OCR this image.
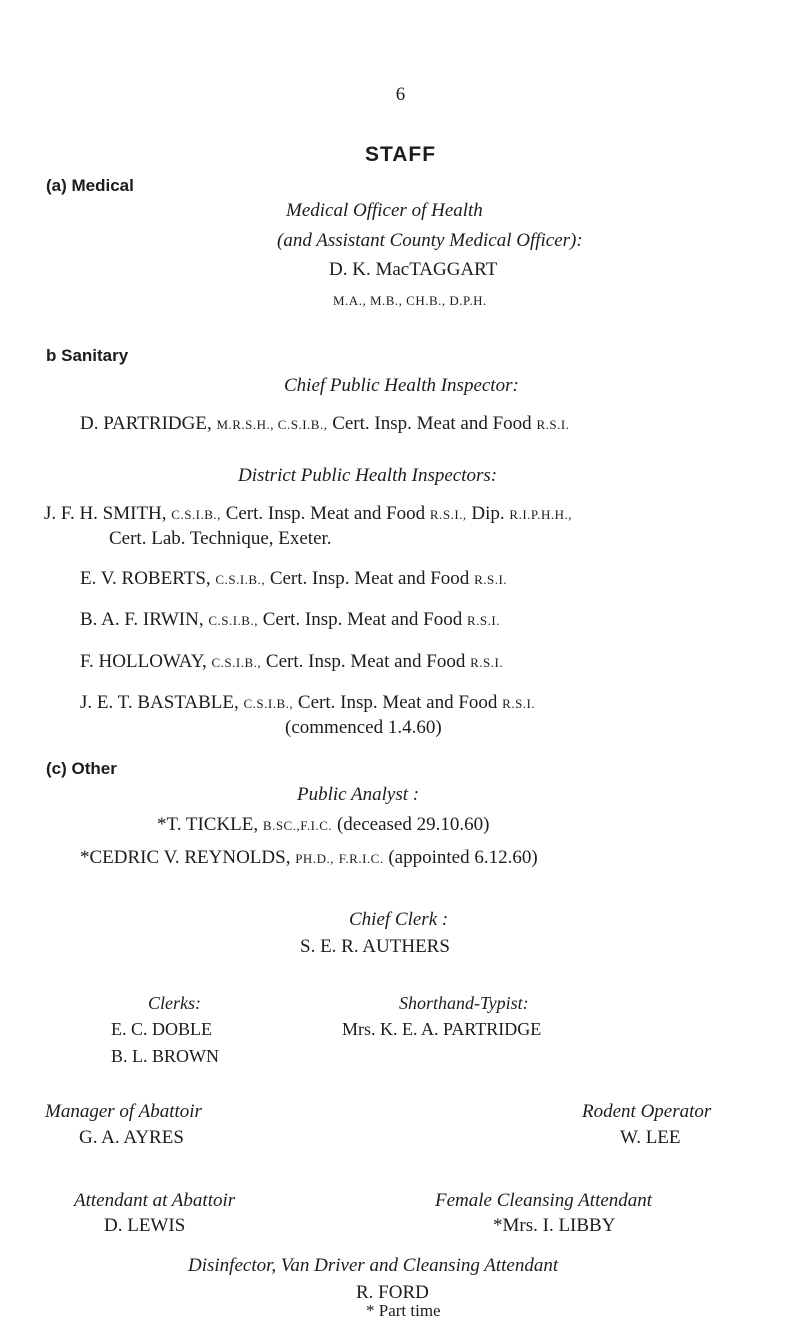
6
STAFF
(a) Medical
Medical Officer of Health
(and Assistant County Medical Officer):
D. K. MacTAGGART
M.A., M.B., CH.B., D.P.H.
b Sanitary
Chief Public Health Inspector:
D. PARTRIDGE, M.R.S.H., C.S.I.B., Cert. Insp. Meat and Food R.S.I.
District Public Health Inspectors:
J. F. H. SMITH, C.S.I.B., Cert. Insp. Meat and Food R.S.I., Dip. R.I.P.H.H.,
Cert. Lab. Technique, Exeter.
E. V. ROBERTS, C.S.I.B., Cert. Insp. Meat and Food R.S.I.
B. A. F. IRWIN, C.S.I.B., Cert. Insp. Meat and Food R.S.I.
F. HOLLOWAY, C.S.I.B., Cert. Insp. Meat and Food R.S.I.
J. E. T. BASTABLE, C.S.I.B., Cert. Insp. Meat and Food R.S.I.
(commenced 1.4.60)
(c) Other
Public Analyst :
*T. TICKLE, B.SC.,F.I.C. (deceased 29.10.60)
*CEDRIC V. REYNOLDS, PH.D., F.R.I.C. (appointed 6.12.60)
Chief Clerk :
S. E. R. AUTHERS
Clerks:
E. C. DOBLE
B. L. BROWN
Shorthand-Typist:
Mrs. K. E. A. PARTRIDGE
Manager of Abattoir
G. A. AYRES
Rodent Operator
W. LEE
Attendant at Abattoir
D. LEWIS
Female Cleansing Attendant
*Mrs. I. LIBBY
Disinfector, Van Driver and Cleansing Attendant
R. FORD
* Part time
